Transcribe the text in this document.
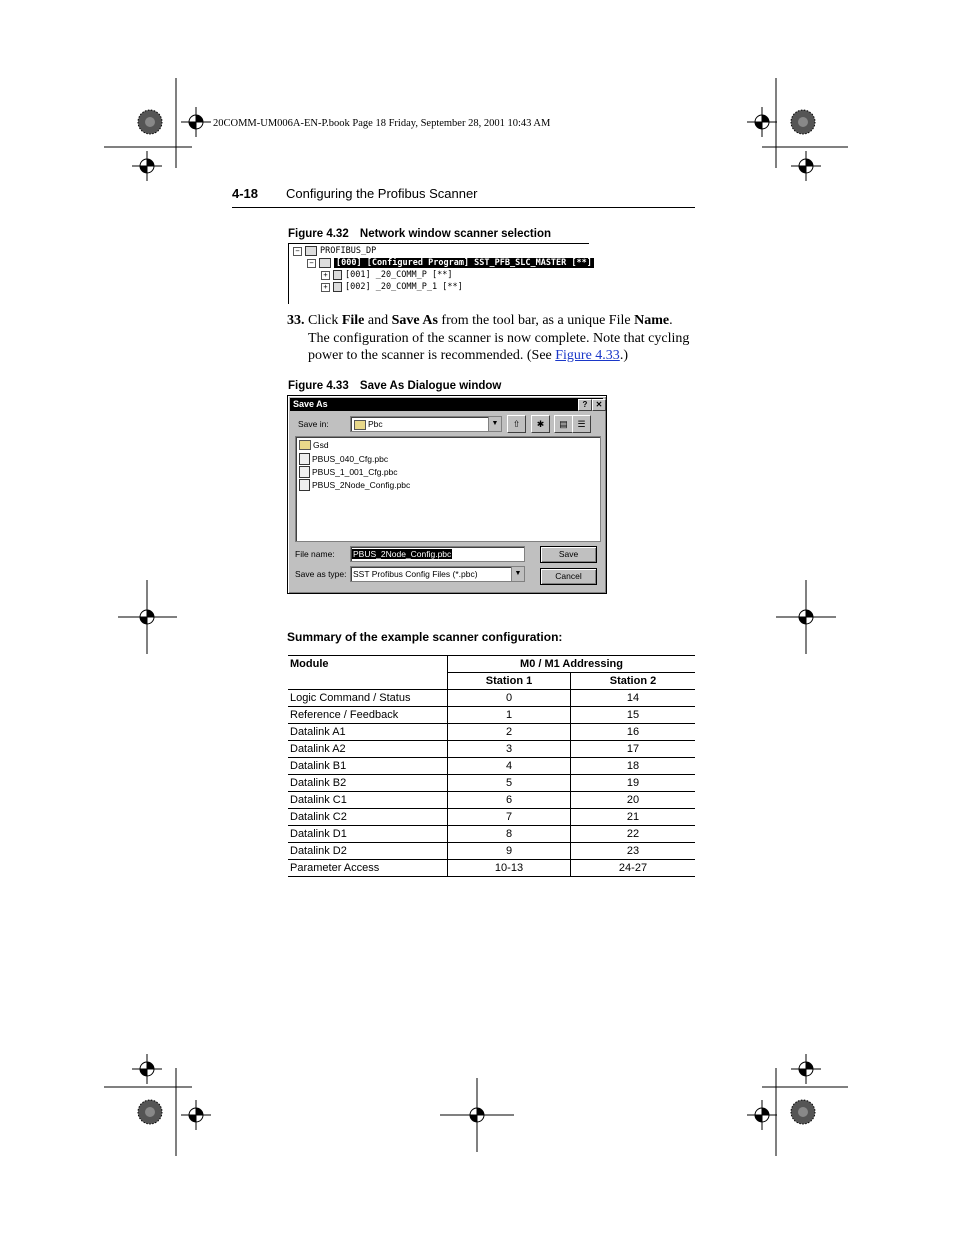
20COMM-UM006A-EN-P.book Page 18 Friday, September 28, 2001 10:43 AM
4-18 Configuring the Profibus Scanner
Figure 4.32 Network window scanner selection
− PROFIBUS_DP
−	[000] [Configured Program] SST_PFB_SLC_MASTER [**]
+ [001] _20_COMM_P [**]
+ [002] _20_COMM_P_1 [**]
33. Click File and Save As from the tool bar, as a unique File Name. The configuration of the scanner is now complete. Note that cycling power to the scanner is recommended. (See Figure 4.33.)
Figure 4.33 Save As Dialogue window
Save As	?	✕
Save in:	Pbc	▼	⇧	✱	▤	☰
Gsd
PBUS_040_Cfg.pbc
PBUS_1_001_Cfg.pbc
PBUS_2Node_Config.pbc
File name:	PBUS_2Node_Config.pbc	Save
Save as type: SST Profibus Config Files (*.pbc)	▼	Cancel
Summary of the example scanner configuration:
Module	M0 / M1 Addressing	
	Station 1	Station 2
Logic Command / Status	0	14
Reference / Feedback	1	15
Datalink A1	2	16
Datalink A2	3	17
Datalink B1	4	18
Datalink B2	5	19
Datalink C1	6	20
Datalink C2	7	21
Datalink D1	8	22
Datalink D2	9	23
Parameter Access	10-13	24-27
